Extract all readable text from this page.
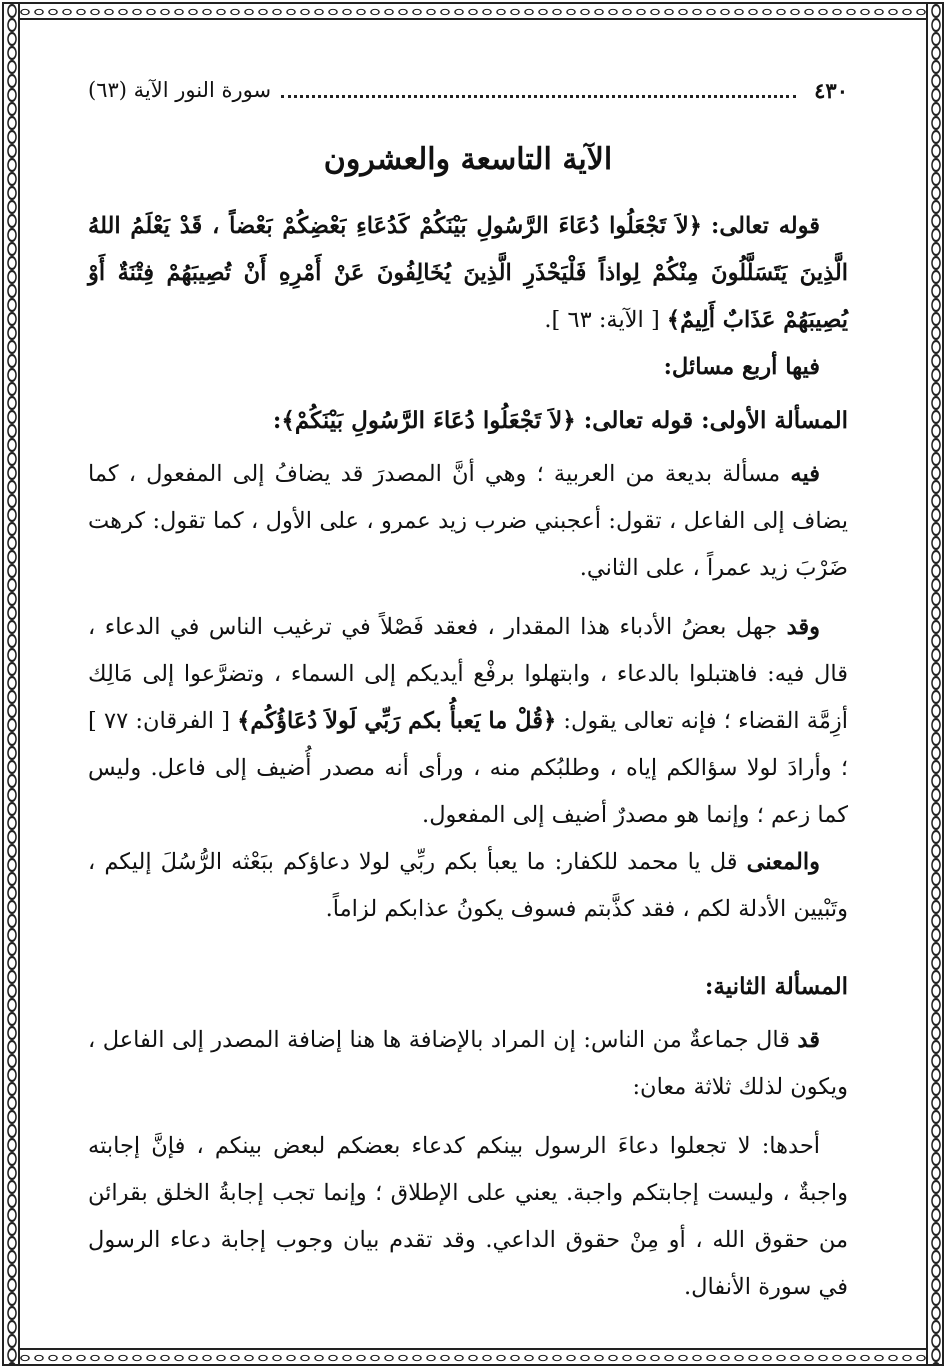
٤٣٠
سورة النور الآية (٦٣)
الآية التاسعة والعشرون

قوله تعالى: ﴿لاَ تَجْعَلُوا دُعَاءَ الرَّسُولِ بَيْنَكُمْ كَدُعَاءِ بَعْضِكُمْ بَعْضاً ، قَدْ يَعْلَمُ اللهُ الَّذِينَ يَتَسَلَّلُونَ مِنْكُمْ لِواذاً فَلْيَحْذَرِ الَّذِينَ يُخَالِفُونَ عَنْ أَمْرِهِ أَنْ تُصِيبَهُمْ فِتْنَةٌ أَوْ يُصِيبَهُمْ عَذَابٌ أَلِيمٌ﴾ [ الآية: ٦٣ ].

فيها أربع مسائل:

المسألة الأولى: قوله تعالى: ﴿لاَ تَجْعَلُوا دُعَاءَ الرَّسُولِ بَيْنَكُمْ﴾:

فيه مسألة بديعة من العربية ؛ وهي أنَّ المصدرَ قد يضافُ إلى المفعول ، كما يضاف إلى الفاعل ، تقول: أعجبني ضرب زيد عمرو ، على الأول ، كما تقول: كرهت ضَرْبَ زيد عمراً ، على الثاني.

وقد جهل بعضُ الأدباء هذا المقدار ، فعقد فَصْلاً في ترغيب الناس في الدعاء ، قال فيه: فاهتبلوا بالدعاء ، وابتهلوا برفْع أيديكم إلى السماء ، وتضرَّعوا إلى مَالِك أزِمَّة القضاء ؛ فإنه تعالى يقول: ﴿قُلْ ما يَعبأُ بكم رَبِّي لَولاَ دُعَاؤُكُم﴾ [ الفرقان: ٧٧ ] ؛ وأرادَ لولا سؤالكم إياه ، وطلبُكم منه ، ورأى أنه مصدر أُضيف إلى فاعل. وليس كما زعم ؛ وإنما هو مصدرٌ أضيف إلى المفعول.

والمعنى قل يا محمد للكفار: ما يعبأ بكم ربِّي لولا دعاؤكم ببَعْثه الرُّسُلَ إليكم ، وتَبْيين الأدلة لكم ، فقد كذَّبتم فسوف يكونُ عذابكم لزاماً.

المسألة الثانية:

قد قال جماعةٌ من الناس: إن المراد بالإضافة ها هنا إضافة المصدر إلى الفاعل ، ويكون لذلك ثلاثة معان:

أحدها: لا تجعلوا دعاءَ الرسول بينكم كدعاء بعضكم لبعض بينكم ، فإنَّ إجابته واجبةٌ ، وليست إجابتكم واجبة. يعني على الإطلاق ؛ وإنما تجب إجابةُ الخلق بقرائن من حقوق الله ، أو مِنْ حقوق الداعي. وقد تقدم بيان وجوب إجابة دعاء الرسول في سورة الأنفال.
